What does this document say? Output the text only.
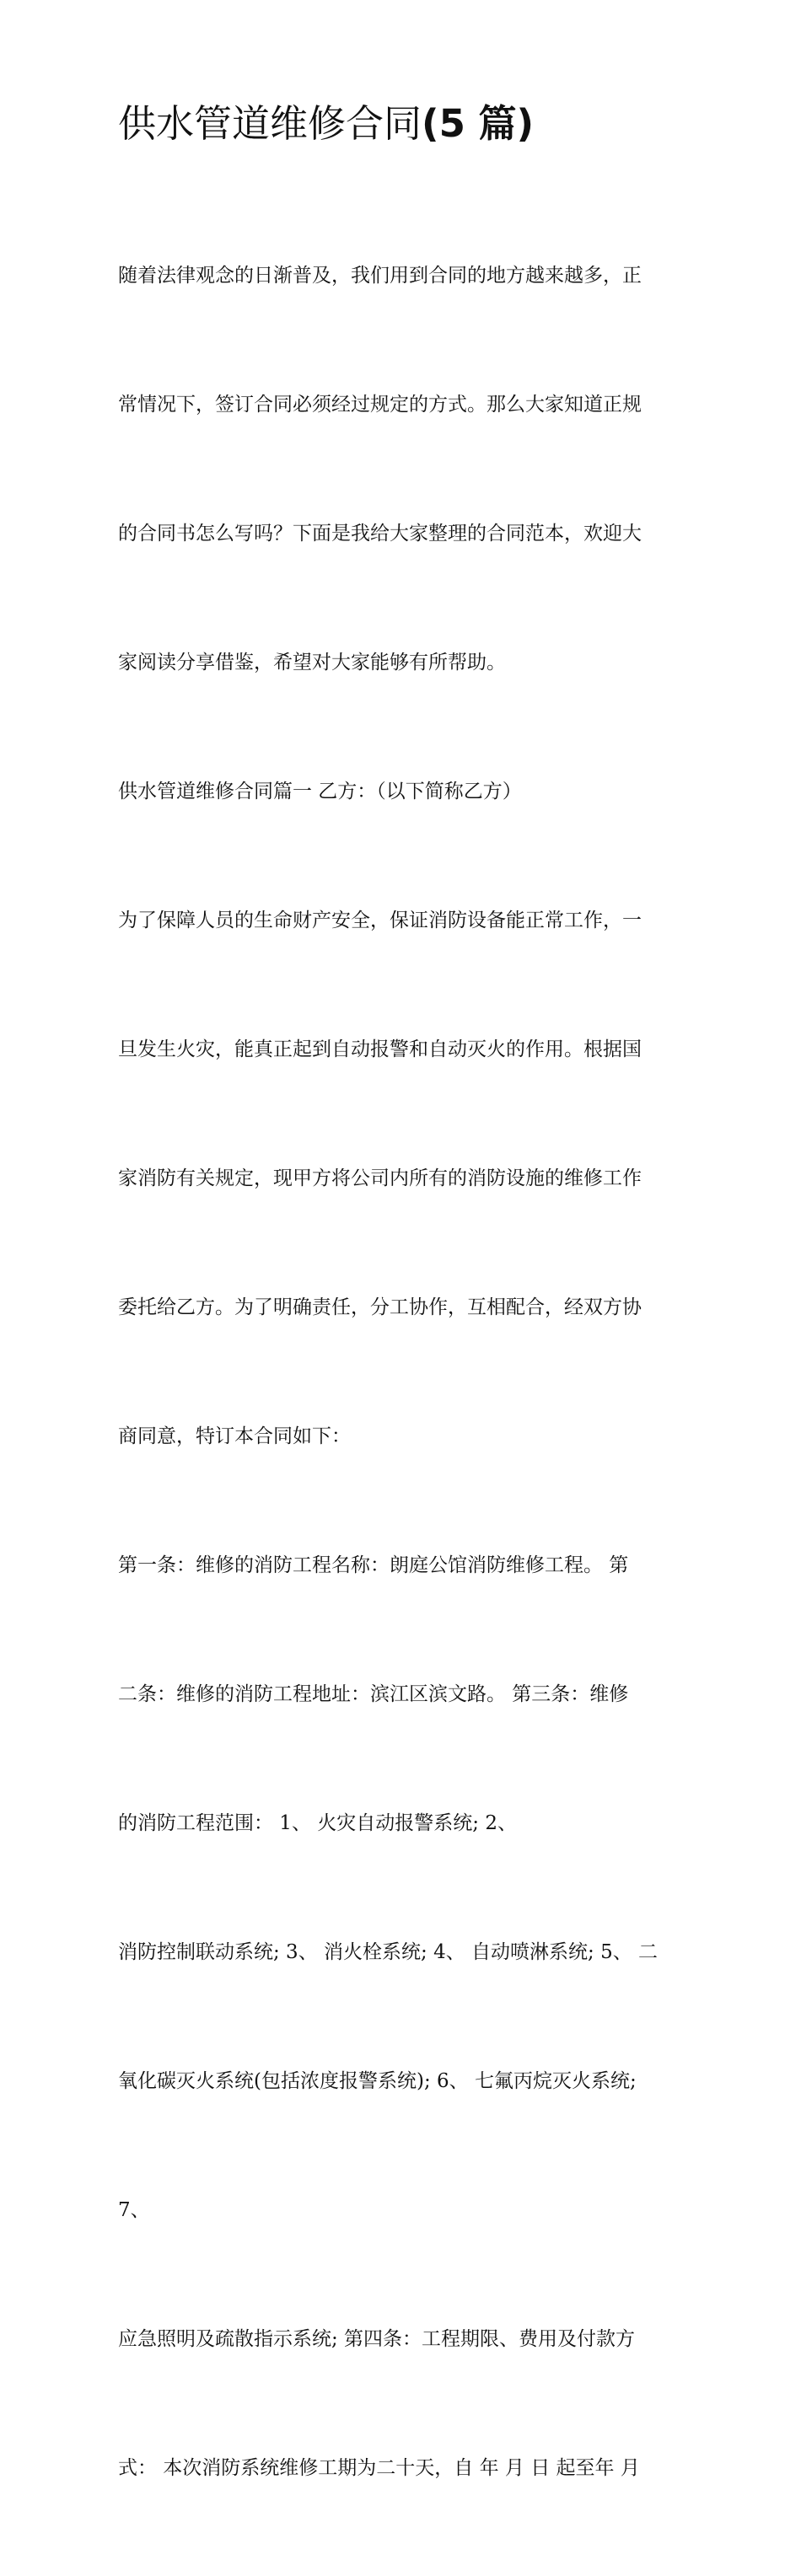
供水管道维修合同(5 篇)

随着法律观念的日渐普及，我们用到合同的地方越来越多，正

常情况下，签订合同必须经过规定的方式。那么大家知道正规

的合同书怎么写吗？下面是我给大家整理的合同范本，欢迎大

家阅读分享借鉴，希望对大家能够有所帮助。

供水管道维修合同篇一 乙方：（以下简称乙方）

为了保障人员的生命财产安全，保证消防设备能正常工作，一

旦发生火灾，能真正起到自动报警和自动灭火的作用。根据国

家消防有关规定，现甲方将公司内所有的消防设施的维修工作

委托给乙方。为了明确责任，分工协作，互相配合，经双方协

商同意，特订本合同如下：

第一条：维修的消防工程名称：朗庭公馆消防维修工程。 第

二条：维修的消防工程地址：滨江区滨文路。 第三条：维修

的消防工程范围： 1、 火灾自动报警系统; 2、

消防控制联动系统; 3、 消火栓系统; 4、 自动喷淋系统; 5、 二

氧化碳灭火系统(包括浓度报警系统); 6、 七氟丙烷灭火系统;

7、

应急照明及疏散指示系统; 第四条：工程期限、费用及付款方

式： 本次消防系统维修工期为二十天，自 年 月 日 起至年 月
